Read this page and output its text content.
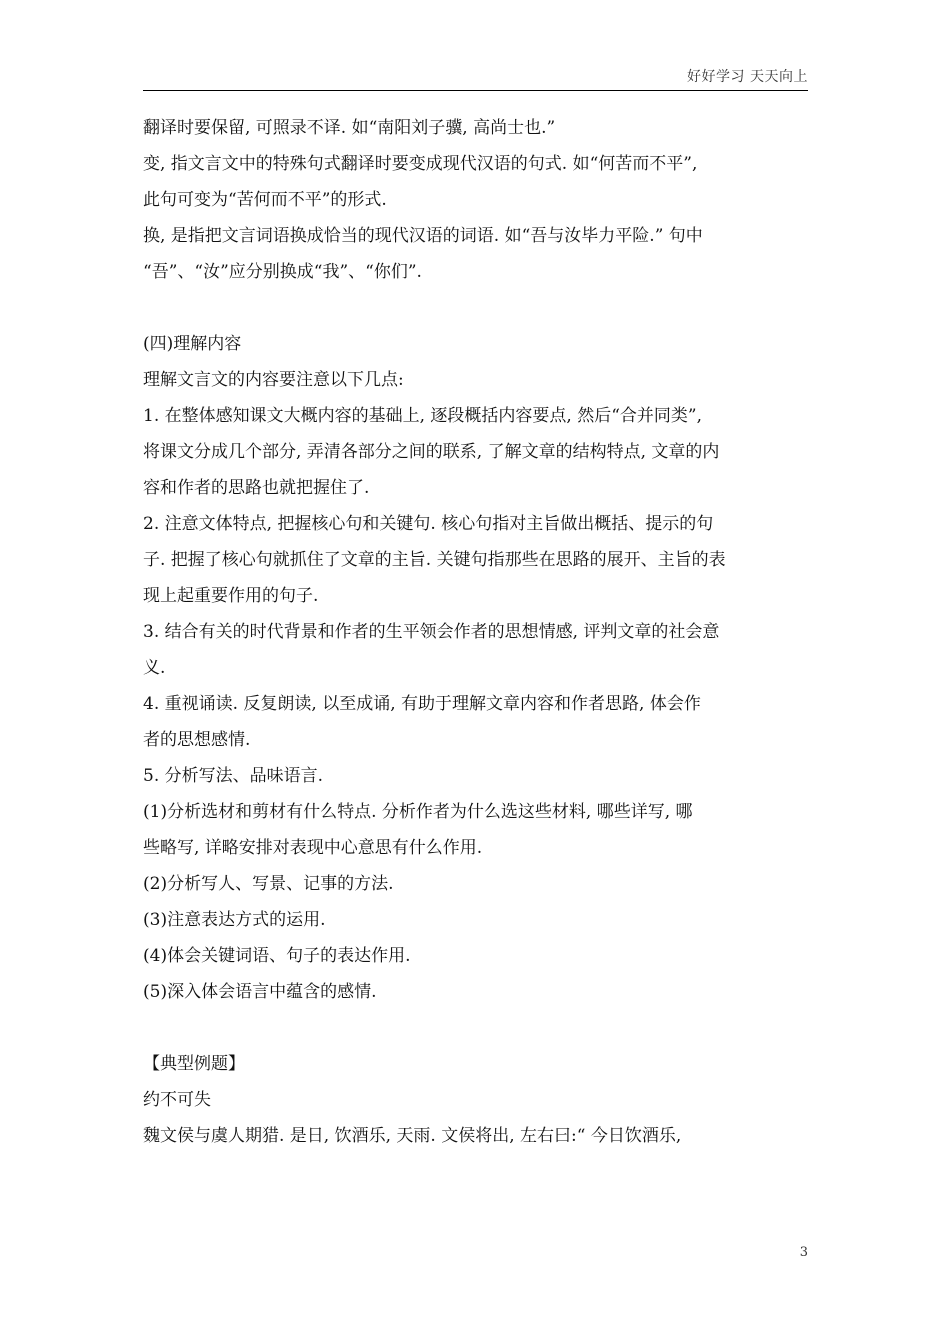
好好学习 天天向上
翻译时要保留, 可照录不译. 如“南阳刘子骥, 高尚士也.”
变, 指文言文中的特殊句式翻译时要变成现代汉语的句式. 如“何苦而不平”,
此句可变为“苦何而不平”的形式.
换, 是指把文言词语换成恰当的现代汉语的词语. 如“吾与汝毕力平险.” 句中
“吾”、“汝”应分别换成“我”、“你们”.
(四)理解内容
理解文言文的内容要注意以下几点:
1. 在整体感知课文大概内容的基础上, 逐段概括内容要点, 然后“合并同类”,
将课文分成几个部分, 弄清各部分之间的联系, 了解文章的结构特点, 文章的内
容和作者的思路也就把握住了.
2. 注意文体特点, 把握核心句和关键句. 核心句指对主旨做出概括、提示的句
子. 把握了核心句就抓住了文章的主旨. 关键句指那些在思路的展开、主旨的表
现上起重要作用的句子.
3. 结合有关的时代背景和作者的生平领会作者的思想情感, 评判文章的社会意
义.
4. 重视诵读. 反复朗读, 以至成诵, 有助于理解文章内容和作者思路, 体会作
者的思想感情.
5. 分析写法、品味语言.
(1)分析选材和剪材有什么特点. 分析作者为什么选这些材料, 哪些详写, 哪
些略写, 详略安排对表现中心意思有什么作用.
(2)分析写人、写景、记事的方法.
(3)注意表达方式的运用.
(4)体会关键词语、句子的表达作用.
(5)深入体会语言中蕴含的感情.
【典型例题】
约不可失
魏文侯与虞人期猎. 是日, 饮酒乐, 天雨. 文侯将出, 左右曰:“ 今日饮酒乐,
3
